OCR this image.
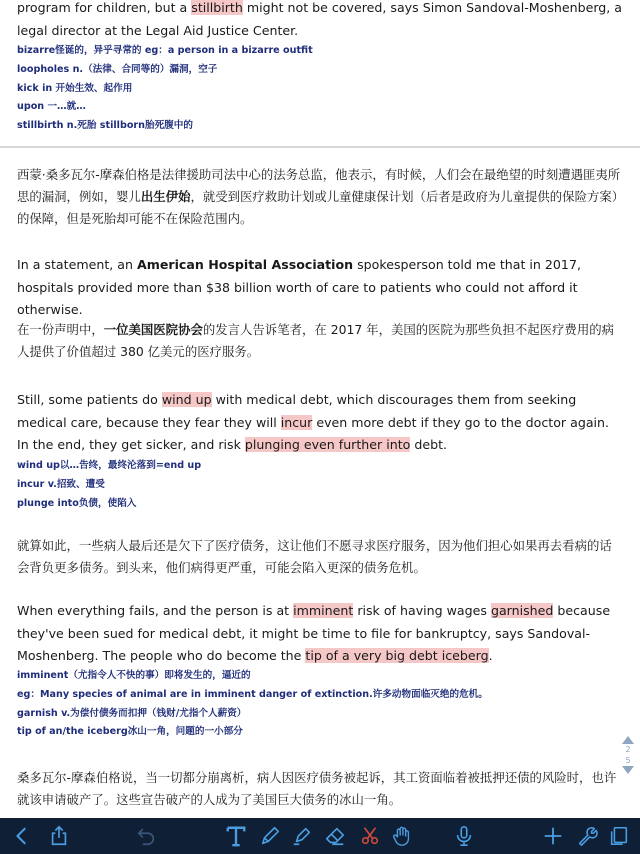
program for children, but a stillbirth might not be covered, says Simon Sandoval-Moshenberg, a legal director at the Legal Aid Justice Center.

bizarre怪诞的，异乎寻常的 eg：a person in a bizarre outfit
loopholes n.（法律、合同等的）漏洞，空子
kick in 开始生效、起作用
upon 一…就…
stillbirth n.死胎 stillborn胎死腹中的

西蒙·桑多瓦尔-摩森伯格是法律援助司法中心的法务总监，他表示，有时候，人们会在最绝望的时刻遭遇匪夷所思的漏洞，例如，婴儿出生伊始，就受到医疗救助计划或儿童健康保计划（后者是政府为儿童提供的保险方案）的保障，但是死胎却可能不在保险范围内。

In a statement, an American Hospital Association spokesperson told me that in 2017, hospitals provided more than $38 billion worth of care to patients who could not afford it otherwise.

在一份声明中，一位美国医院协会的发言人告诉笔者，在 2017 年，美国的医院为那些负担不起医疗费用的病人提供了价值超过 380 亿美元的医疗服务。

Still, some patients do wind up with medical debt, which discourages them from seeking medical care, because they fear they will incur even more debt if they go to the doctor again. In the end, they get sicker, and risk plunging even further into debt.

wind up以…告终，最终沦落到=end up
incur v.招致、遭受
plunge into负债，使陷入

就算如此，一些病人最后还是欠下了医疗债务，这让他们不愿寻求医疗服务，因为他们担心如果再去看病的话会背负更多债务。到头来，他们病得更严重，可能会陷入更深的债务危机。

When everything fails, and the person is at imminent risk of having wages garnished because they've been sued for medical debt, it might be time to file for bankruptcy, says Sandoval-Moshenberg. The people who do become the tip of a very big debt iceberg.

imminent（尤指令人不快的事）即将发生的，逼近的
eg：Many species of animal are in imminent danger of extinction.许多动物面临灭绝的危机。
garnish v.为偿付债务而扣押（钱财/尤指个人薪资）
tip of an/the iceberg冰山一角，问题的一小部分

桑多瓦尔-摩森伯格说，当一切都分崩离析，病人因医疗债务被起诉，其工资面临着被抵押还债的风险时，也许就该申请破产了。这些宣告破产的人成为了美国巨大债务的冰山一角。

2
5
